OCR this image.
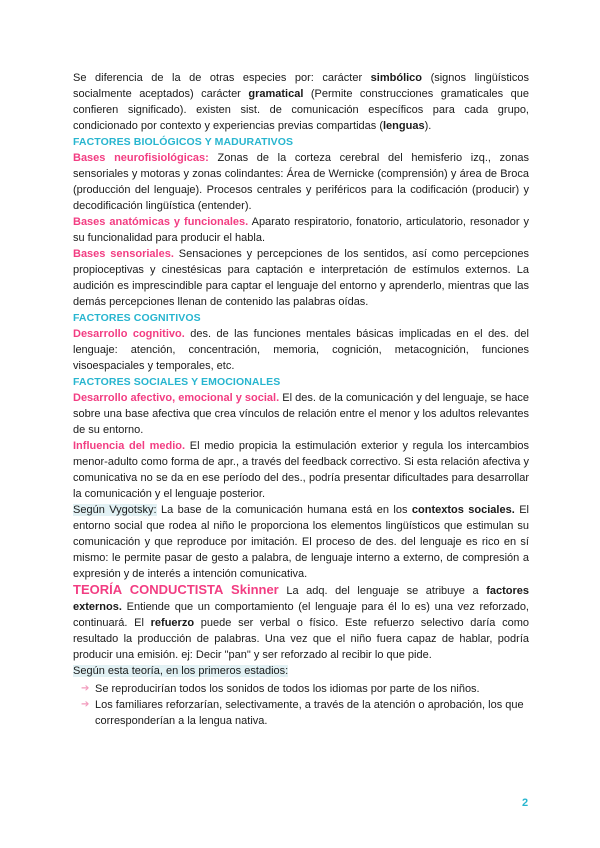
Se diferencia de la de otras especies por: carácter simbólico (signos lingüísticos socialmente aceptados) carácter gramatical (Permite construcciones gramaticales que confieren significado). existen sist. de comunicación específicos para cada grupo, condicionado por contexto y experiencias previas compartidas (lenguas).

FACTORES BIOLÓGICOS Y MADURATIVOS

Bases neurofisiológicas: Zonas de la corteza cerebral del hemisferio izq., zonas sensoriales y motoras y zonas colindantes: Área de Wernicke (comprensión) y área de Broca (producción del lenguaje). Procesos centrales y periféricos para la codificación (producir) y decodificación lingüística (entender).

Bases anatómicas y funcionales. Aparato respiratorio, fonatorio, articulatorio, resonador y su funcionalidad para producir el habla.

Bases sensoriales. Sensaciones y percepciones de los sentidos, así como percepciones propioceptivas y cinestésicas para captación e interpretación de estímulos externos. La audición es imprescindible para captar el lenguaje del entorno y aprenderlo, mientras que las demás percepciones llenan de contenido las palabras oídas.

FACTORES COGNITIVOS

Desarrollo cognitivo. des. de las funciones mentales básicas implicadas en el des. del lenguaje: atención, concentración, memoria, cognición, metacognición, funciones visoespaciales y temporales, etc.

FACTORES SOCIALES Y EMOCIONALES

Desarrollo afectivo, emocional y social. El des. de la comunicación y del lenguaje, se hace sobre una base afectiva que crea vínculos de relación entre el menor y los adultos relevantes de su entorno.

Influencia del medio. El medio propicia la estimulación exterior y regula los intercambios menor-adulto como forma de apr., a través del feedback correctivo. Si esta relación afectiva y comunicativa no se da en ese período del des., podría presentar dificultades para desarrollar la comunicación y el lenguaje posterior.

Según Vygotsky: La base de la comunicación humana está en los contextos sociales. El entorno social que rodea al niño le proporciona los elementos lingüísticos que estimulan su comunicación y que reproduce por imitación. El proceso de des. del lenguaje es rico en sí mismo: le permite pasar de gesto a palabra, de lenguaje interno a externo, de compresión a expresión y de interés a intención comunicativa.

TEORÍA CONDUCTISTA Skinner La adq. del lenguaje se atribuye a factores externos. Entiende que un comportamiento (el lenguaje para él lo es) una vez reforzado, continuará. El refuerzo puede ser verbal o físico. Este refuerzo selectivo daría como resultado la producción de palabras. Una vez que el niño fuera capaz de hablar, podría producir una emisión. ej: Decir "pan" y ser reforzado al recibir lo que pide.

Según esta teoría, en los primeros estadios:

➔ Se reproducirían todos los sonidos de todos los idiomas por parte de los niños.
➔ Los familiares reforzarían, selectivamente, a través de la atención o aprobación, los que corresponderían a la lengua nativa.
2
